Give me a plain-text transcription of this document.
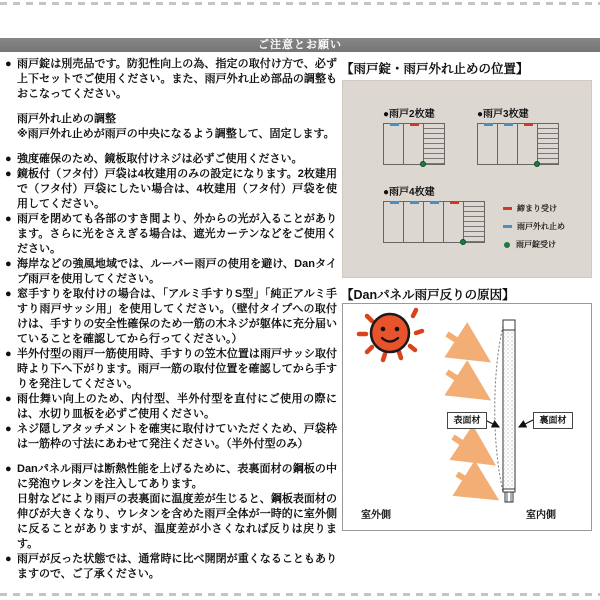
ご注意とお願い
● 雨戸錠は別売品です。防犯性向上の為、指定の取付け方で、必ず上下セットでご使用ください。また、雨戸外れ止め部品の調整もおこなってください。
雨戸外れ止めの調整
※雨戸外れ止めが雨戸の中央になるよう調整して、固定します。
● 強度確保のため、鏡板取付けネジは必ずご使用ください。
● 鏡板付（フタ付）戸袋は4枚建用のみの設定になります。2枚建用で（フタ付）戸袋にしたい場合は、4枚建用（フタ付）戸袋を使用してください。
● 雨戸を閉めても各部のすき間より、外からの光が入ることがあります。さらに光をさえぎる場合は、遮光カーテンなどをご使用ください。
● 海岸などの強風地域では、ルーバー雨戸の使用を避け、Danタイプ雨戸を使用してください。
● 窓手すりを取付けの場合は、「アルミ手すりS型」「純正アルミ手すり雨戸サッシ用」を使用してください。（壁付タイプへの取付けは、手すりの安全性確保のため一筋の木ネジが躯体に充分届いていることを確認してから行ってください。）
● 半外付型の雨戸一筋使用時、手すりの笠木位置は雨戸サッシ取付時より下へ下がります。雨戸一筋の取付位置を確認してから手すりを発注してください。
● 雨仕舞い向上のため、内付型、半外付型を直付にご使用の際には、水切り皿板を必ずご使用ください。
● ネジ隠しアタッチメントを確実に取付けていただくため、戸袋枠は一筋枠の寸法にあわせて発注ください。（半外付型のみ）
● Danパネル雨戸は断熱性能を上げるために、表裏面材の鋼板の中に発泡ウレタンを注入してあります。
日射などにより雨戸の表裏面に温度差が生じると、鋼板表面材の伸びが大きくなり、ウレタンを含めた雨戸全体が一時的に室外側に反ることがありますが、温度差が小さくなれば反りは戻ります。
● 雨戸が反った状態では、通常時に比べ開閉が重くなることもありますので、ご了承ください。
【雨戸錠・雨戸外れ止めの位置】
●雨戸2枚建	●雨戸3枚建
●雨戸4枚建
締まり受け
雨戸外れ止め
雨戸錠受け
【Danパネル雨戸反りの原因】
表面材	裏面材
室外側	室内側
